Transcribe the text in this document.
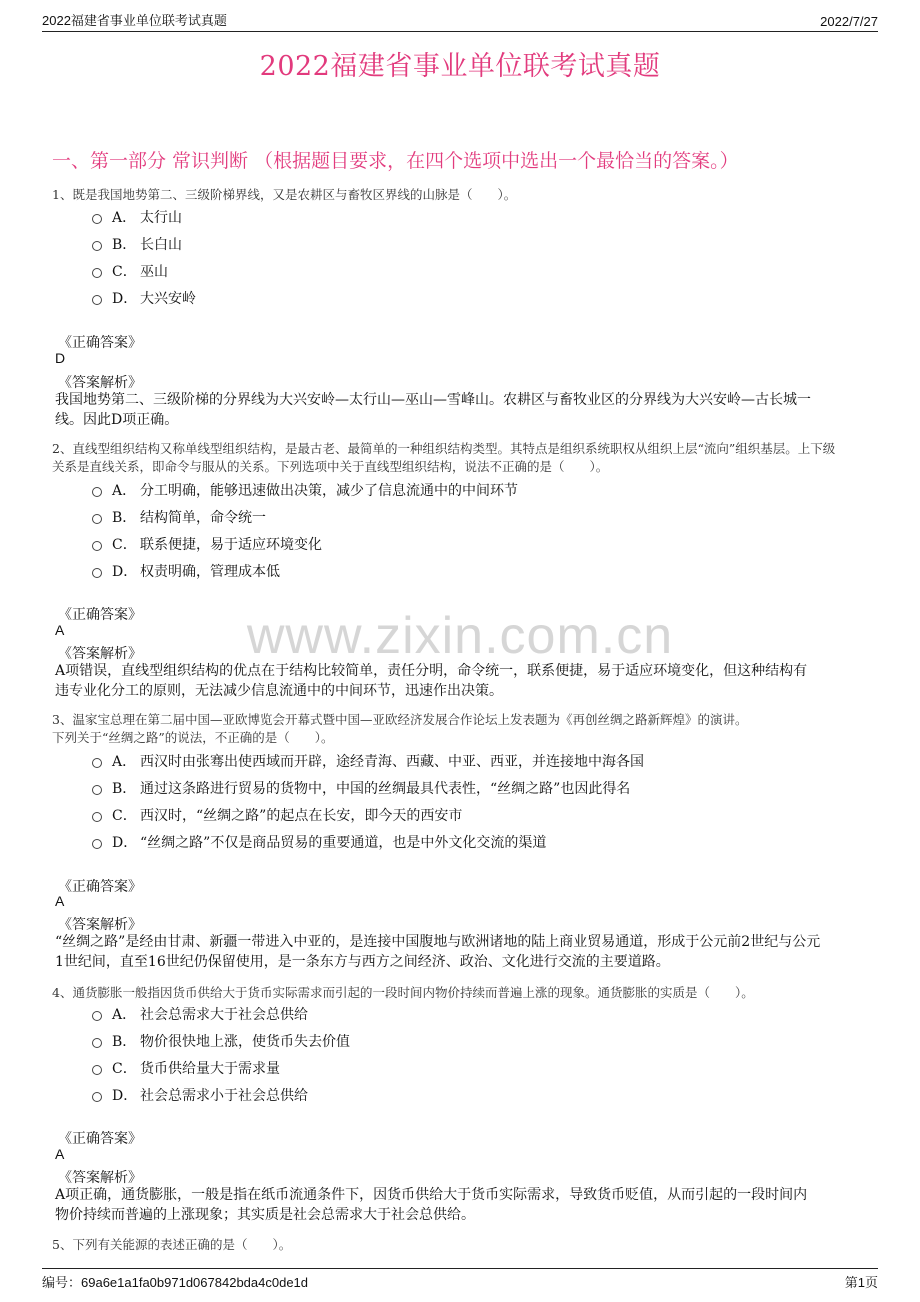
2022福建省事业单位联考试真题	2022/7/27
2022福建省事业单位联考试真题
一、第一部分 常识判断 （根据题目要求，在四个选项中选出一个最恰当的答案。）
www.zixin.com.cn
1、既是我国地势第二、三级阶梯界线，又是农耕区与畜牧区界线的山脉是（　　）。
A． 太行山
B． 长白山
C． 巫山
D． 大兴安岭
《正确答案》
D
《答案解析》
我国地势第二、三级阶梯的分界线为大兴安岭—太行山—巫山—雪峰山。农耕区与畜牧业区的分界线为大兴安岭—古长城一
线。因此D项正确。
2、直线型组织结构又称单线型组织结构，是最古老、最简单的一种组织结构类型。其特点是组织系统职权从组织上层“流向”组织基层。上下级
关系是直线关系，即命令与服从的关系。下列选项中关于直线型组织结构，说法不正确的是（　　）。
A． 分工明确，能够迅速做出决策，减少了信息流通中的中间环节
B． 结构简单，命令统一
C． 联系便捷，易于适应环境变化
D． 权责明确，管理成本低
《正确答案》
A
《答案解析》
A项错误，直线型组织结构的优点在于结构比较简单，责任分明，命令统一，联系便捷，易于适应环境变化，但这种结构有
违专业化分工的原则，无法减少信息流通中的中间环节，迅速作出决策。
3、温家宝总理在第二届中国—亚欧博览会开幕式暨中国—亚欧经济发展合作论坛上发表题为《再创丝绸之路新辉煌》的演讲。
下列关于“丝绸之路”的说法，不正确的是（　　）。
A． 西汉时由张骞出使西域而开辟，途经青海、西藏、中亚、西亚，并连接地中海各国
B． 通过这条路进行贸易的货物中，中国的丝绸最具代表性，“丝绸之路”也因此得名
C． 西汉时，“丝绸之路”的起点在长安，即今天的西安市
D． “丝绸之路”不仅是商品贸易的重要通道，也是中外文化交流的渠道
《正确答案》
A
《答案解析》
“丝绸之路”是经由甘肃、新疆一带进入中亚的，是连接中国腹地与欧洲诸地的陆上商业贸易通道，形成于公元前2世纪与公元
1世纪间，直至16世纪仍保留使用，是一条东方与西方之间经济、政治、文化进行交流的主要道路。
4、通货膨胀一般指因货币供给大于货币实际需求而引起的一段时间内物价持续而普遍上涨的现象。通货膨胀的实质是（　　）。
A． 社会总需求大于社会总供给
B． 物价很快地上涨，使货币失去价值
C． 货币供给量大于需求量
D． 社会总需求小于社会总供给
《正确答案》
A
《答案解析》
A项正确，通货膨胀，一般是指在纸币流通条件下，因货币供给大于货币实际需求，导致货币贬值，从而引起的一段时间内
物价持续而普遍的上涨现象；其实质是社会总需求大于社会总供给。
5、下列有关能源的表述正确的是（　　）。
编号：69a6e1a1fa0b971d067842bda4c0de1d	第1页
